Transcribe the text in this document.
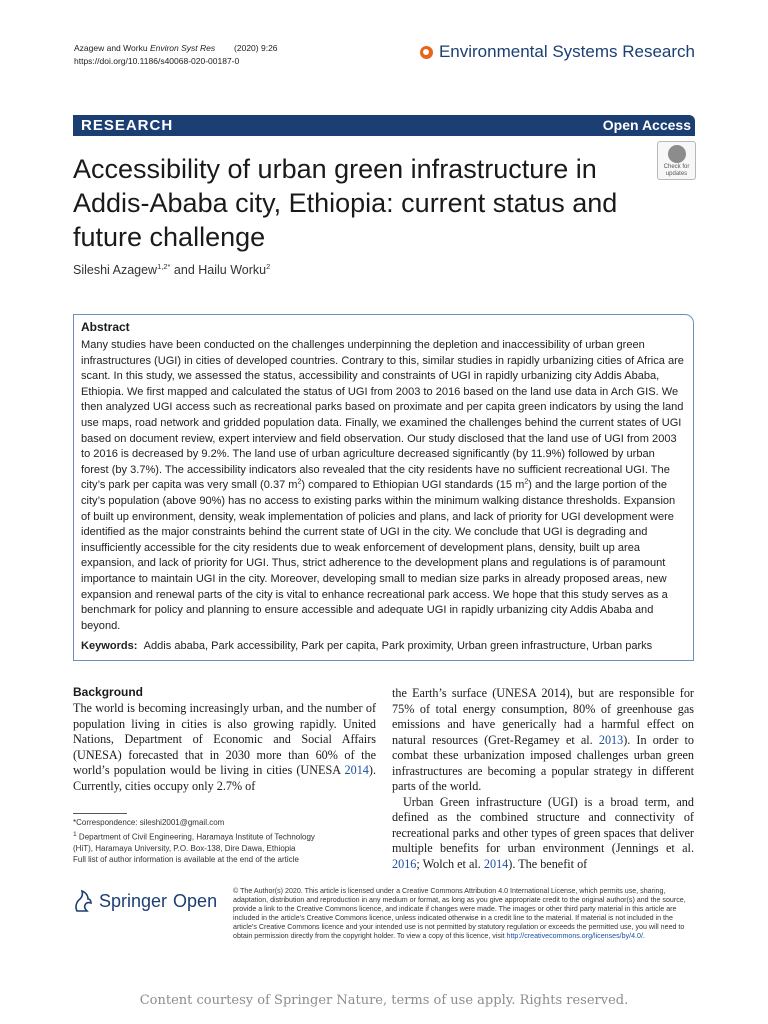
Azagew and Worku Environ Syst Res (2020) 9:26
https://doi.org/10.1186/s40068-020-00187-0	Environmental Systems Research
RESEARCH	Open Access
Accessibility of urban green infrastructure in Addis-Ababa city, Ethiopia: current status and future challenge
Check for
updates
Sileshi Azagew$^{1,2*}$ and Hailu Worku$^2$
Abstract
Many studies have been conducted on the challenges underpinning the depletion and inaccessibility of urban green infrastructures (UGI) in cities of developed countries. Contrary to this, similar studies in rapidly urbanizing cities of Africa are scant. In this study, we assessed the status, accessibility and constraints of UGI in rapidly urbanizing city Addis Ababa, Ethiopia. We first mapped and calculated the status of UGI from 2003 to 2016 based on the land use data in Arch GIS. We then analyzed UGI access such as recreational parks based on proximate and per capita green indicators by using the land use maps, road network and gridded population data. Finally, we examined the challenges behind the current states of UGI based on document review, expert interview and field observation. Our study disclosed that the land use of UGI from 2003 to 2016 is decreased by 9.2%. The land use of urban agriculture decreased significantly (by 11.9%) followed by urban forest (by 3.7%). The accessibility indicators also revealed that the city residents have no sufficient recreational UGI. The city’s park per capita was very small (0.37 $m^2$) compared to Ethiopian UGI standards (15 $m^2$) and the large portion of the city’s population (above 90%) has no access to existing parks within the minimum walking distance thresholds. Expansion of built up environment, density, weak implementation of policies and plans, and lack of priority for UGI development were identified as the major constraints behind the current state of UGI in the city. We conclude that UGI is degrading and insufficiently accessible for the city residents due to weak enforcement of development plans, density, built up area expansion, and lack of priority for UGI. Thus, strict adherence to the development plans and regulations is of paramount importance to maintain UGI in the city. Moreover, developing small to median size parks in already proposed areas, new expansion and renewal parts of the city is vital to enhance recreational park access. We hope that this study serves as a benchmark for policy and planning to ensure accessible and adequate UGI in rapidly urbanizing city Addis Ababa and beyond.
Keywords: Addis ababa, Park accessibility, Park per capita, Park proximity, Urban green infrastructure, Urban parks
Background
The world is becoming increasingly urban, and the number of population living in cities is also growing rapidly. United Nations, Department of Economic and Social Affairs (UNESA) forecasted that in 2030 more than 60% of the world’s population would be living in cities (UNESA 2014). Currently, cities occupy only 2.7% of
the Earth’s surface (UNESA 2014), but are responsible for 75% of total energy consumption, 80% of greenhouse gas emissions and have generically had a harmful effect on natural resources (Gret-Regamey et al. 2013). In order to combat these urbanization imposed challenges urban green infrastructures are becoming a popular strategy in different parts of the world.
Urban Green infrastructure (UGI) is a broad term, and defined as the combined structure and connectivity of recreational parks and other types of green spaces that deliver multiple benefits for urban environment (Jennings et al. 2016; Wolch et al. 2014). The benefit of
*Correspondence: sileshi2001@gmail.com
$^1$ Department of Civil Engineering, Haramaya Institute of Technology
(HiT), Haramaya University, P.O. Box-138, Dire Dawa, Ethiopia
Full list of author information is available at the end of the article
Springer Open © The Author(s) 2020. This article is licensed under a Creative Commons Attribution 4.0 International License, which permits use, sharing, adaptation, distribution and reproduction in any medium or format, as long as you give appropriate credit to the original author(s) and the source, provide a link to the Creative Commons licence, and indicate if changes were made. The images or other third party material in this article are included in the article’s Creative Commons licence, unless indicated otherwise in a credit line to the material. If material is not included in the article’s Creative Commons licence and your intended use is not permitted by statutory regulation or exceeds the permitted use, you will need to obtain permission directly from the copyright holder. To view a copy of this licence, visit http://creativecommons.org/licenses/by/4.0/.
Content courtesy of Springer Nature, terms of use apply. Rights reserved.
